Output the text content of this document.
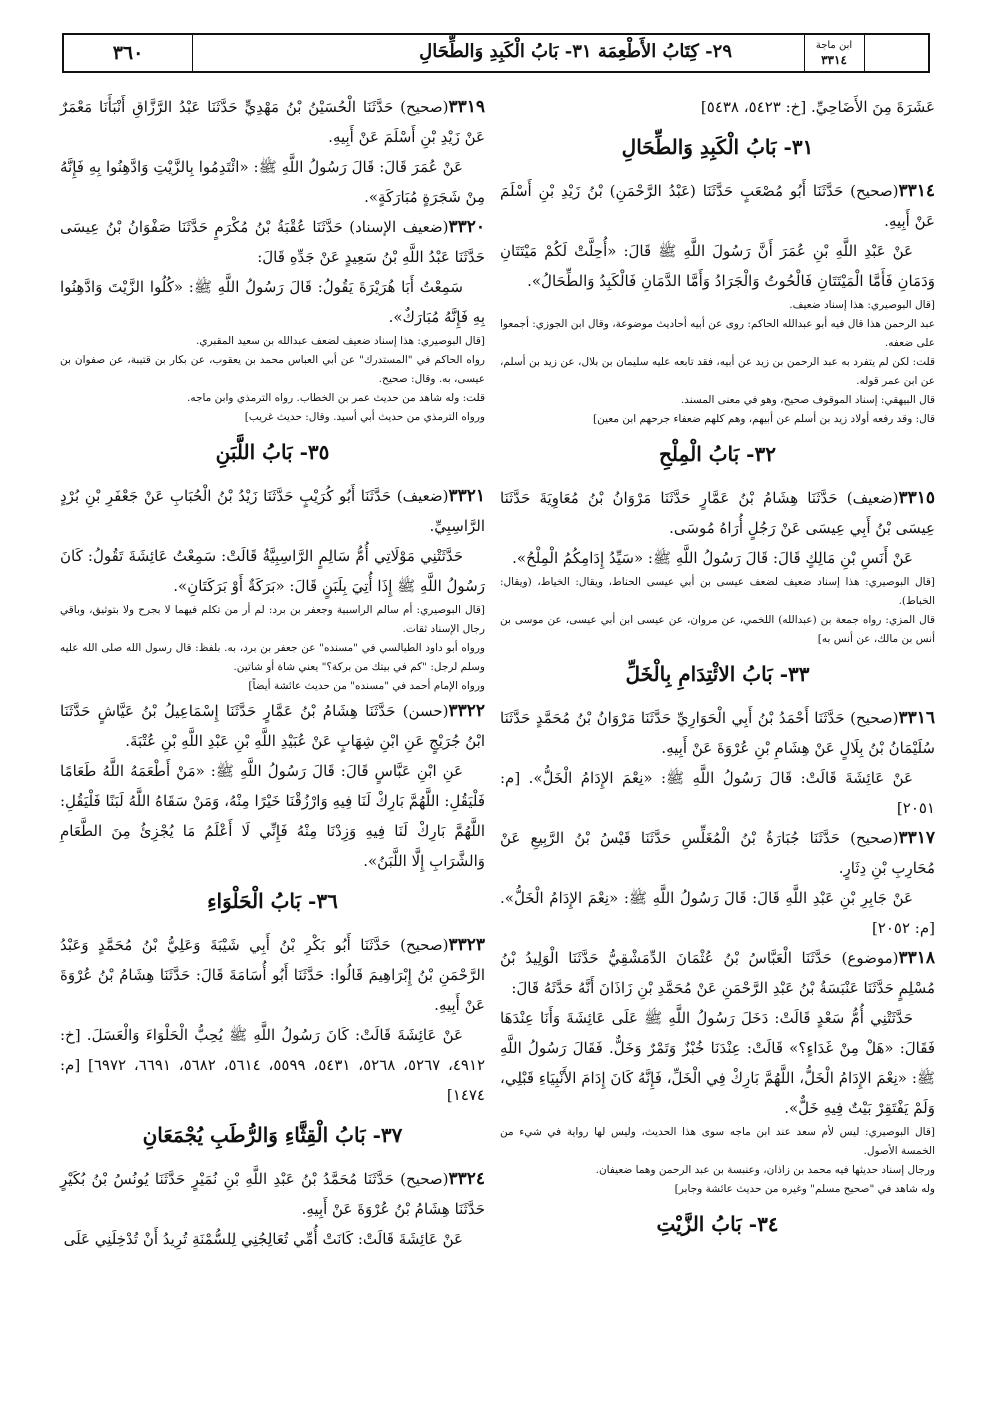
٣٦٠	٢٩- كِتَابُ الأَطْعِمَة ٣١- بَابُ الْكَبِدِ وَالطِّحَالِ	ابن ماجة
٣٣١٤

عَشَرَةَ مِنَ الأَضَاحِيِّ. [خ: ٥٤٢٣، ٥٤٣٨]

٣١- بَابُ الْكَبِدِ وَالطِّحَالِ

٣٣١٤(صحيح) حَدَّثَنَا أَبُو مُصْعَبٍ حَدَّثَنَا (عَبْدُ الرَّحْمَنِ) بْنُ زَيْدِ بْنِ أَسْلَمَ عَنْ أَبِيهِ.

عَنْ عَبْدِ اللَّهِ بْنِ عُمَرَ أَنَّ رَسُولَ اللَّهِ ﷺ قَالَ: «أُحِلَّتْ لَكُمْ مَيْتَتَانِ وَدَمَانِ فَأَمَّا الْمَيْتَتَانِ فَالْحُوتُ وَالْجَرَادُ وَأَمَّا الدَّمَانِ فَالْكَبِدُ وَالطِّحَالُ».

[قال البوصيري: هذا إسناد ضعيف.

عبد الرحمن هذا قال فيه أبو عبدالله الحاكم: روى عن أبيه أحاديث موضوعة، وقال ابن الجوزي: أجمعوا على ضعفه.

قلت: لكن لم يتفرد به عبد الرحمن بن زيد عن أبيه، فقد تابعه عليه سليمان بن بلال، عن زيد بن أسلم، عن ابن عمر قوله.

قال البيهقي: إسناد الموقوف صحيح، وهو في معنى المسند.

قال: وقد رفعه أولاد زيد بن أسلم عن أبيهم، وهم كلهم ضعفاء جرحهم ابن معين]

٣٢- بَابُ الْمِلْحِ

٣٣١٥(ضعيف) حَدَّثَنَا هِشَامُ بْنُ عَمَّارٍ حَدَّثَنَا مَرْوَانُ بْنُ مُعَاوِيَةَ حَدَّثَنَا عِيسَى بْنُ أَبِي عِيسَى عَنْ رَجُلٍ أُرَاهُ مُوسَى.

عَنْ أَنَسِ بْنِ مَالِكٍ قَالَ: قَالَ رَسُولُ اللَّهِ ﷺ: «سَيِّدُ إِدَامِكُمُ الْمِلْحُ».

[قال البوصيري: هذا إسناد ضعيف لضعف عيسى بن أبي عيسى الحناط، ويقال: الخياط، (ويقال: الخباط).

قال المزي: رواه جمعة بن (عبدالله) اللخمي، عن مروان، عن عيسى ابن أبي عيسى، عن موسى بن أنس بن مالك، عن أنس به]

٣٣- بَابُ الائْتِدَامِ بِالْخَلِّ

٣٣١٦(صحيح) حَدَّثَنَا أَحْمَدُ بْنُ أَبِي الْحَوَارِيِّ حَدَّثَنَا مَرْوَانُ بْنُ مُحَمَّدٍ حَدَّثَنَا سُلَيْمَانُ بْنُ بِلَالٍ عَنْ هِشَامِ بْنِ عُرْوَةَ عَنْ أَبِيهِ.

عَنْ عَائِشَةَ قَالَتْ: قَالَ رَسُولُ اللَّهِ ﷺ: «نِعْمَ الإِدَامُ الْخَلُّ». [م: ٢٠٥١]

٣٣١٧(صحيح) حَدَّثَنَا جُبَارَةُ بْنُ الْمُغَلِّسِ حَدَّثَنَا قَيْسُ بْنُ الرَّبِيعِ عَنْ مُحَارِبِ بْنِ دِثَارٍ.

عَنْ جَابِرِ بْنِ عَبْدِ اللَّهِ قَالَ: قَالَ رَسُولُ اللَّهِ ﷺ: «نِعْمَ الإِدَامُ الْخَلُّ». [م: ٢٠٥٢]

٣٣١٨(موضوع) حَدَّثَنَا الْعَبَّاسُ بْنُ عُثْمَانَ الدِّمَشْقِيُّ حَدَّثَنَا الْوَلِيدُ بْنُ مُسْلِمٍ حَدَّثَنَا عَنْبَسَةُ بْنُ عَبْدِ الرَّحْمَنِ عَنْ مُحَمَّدِ بْنِ زَاذَانَ أَنَّهُ حَدَّثَهُ قَالَ:

حَدَّثَتْنِي أُمُّ سَعْدٍ قَالَتْ: دَخَلَ رَسُولُ اللَّهِ ﷺ عَلَى عَائِشَةَ وَأَنَا عِنْدَهَا فَقَالَ: «هَلْ مِنْ غَدَاءٍ؟» قَالَتْ: عِنْدَنَا خُبْزٌ وَتَمْرٌ وَخَلٌّ. فَقَالَ رَسُولُ اللَّهِ ﷺ: «نِعْمَ الإِدَامُ الْخَلُّ، اللَّهُمَّ بَارِكْ فِي الْخَلِّ، فَإِنَّهُ كَانَ إِدَامَ الأَنْبِيَاءِ قَبْلِي، وَلَمْ يَفْتَقِرْ بَيْتٌ فِيهِ خَلٌّ».

[قال البوصيري: ليس لأم سعد عند ابن ماجه سوى هذا الحديث، وليس لها رواية في شيء من الخمسة الأصول.

ورجال إسناد حديثها فيه محمد بن زاذان، وعنبسة بن عبد الرحمن وهما ضعيفان.

وله شاهد في "صحيح مسلم" وغيره من حديث عائشة وجابر]

٣٤- بَابُ الزَّيْتِ

٣٣١٩(صحيح) حَدَّثَنَا الْحُسَيْنُ بْنُ مَهْدِيٍّ حَدَّثَنَا عَبْدُ الرَّزَّاقِ أَنْبَأَنَا مَعْمَرٌ عَنْ زَيْدِ بْنِ أَسْلَمَ عَنْ أَبِيهِ.

عَنْ عُمَرَ قَالَ: قَالَ رَسُولُ اللَّهِ ﷺ: «ائْتَدِمُوا بِالزَّيْتِ وَادَّهِنُوا بِهِ فَإِنَّهُ مِنْ شَجَرَةٍ مُبَارَكَةٍ».

٣٣٢٠(ضعيف الإسناد) حَدَّثَنَا عُقْبَةُ بْنُ مُكْرَمٍ حَدَّثَنَا صَفْوَانُ بْنُ عِيسَى حَدَّثَنَا عَبْدُ اللَّهِ بْنُ سَعِيدٍ عَنْ جَدِّهِ قَالَ:

سَمِعْتُ أَبَا هُرَيْرَةَ يَقُولُ: قَالَ رَسُولُ اللَّهِ ﷺ: «كُلُوا الزَّيْتَ وَادَّهِنُوا بِهِ فَإِنَّهُ مُبَارَكٌ».

[قال البوصيري: هذا إسناد ضعيف لضعف عبدالله بن سعيد المقبري.

رواه الحاكم في "المستدرك" عن أبي العباس محمد بن يعقوب، عن بكار بن قتيبة، عن صفوان بن عيسى، به. وقال: صحيح.

قلت: وله شاهد من حديث عمر بن الخطاب. رواه الترمذي وابن ماجه.

ورواه الترمذي من حديث أبي أسيد. وقال: حديث غريب]

٣٥- بَابُ اللَّبَنِ

٣٣٢١(ضعيف) حَدَّثَنَا أَبُو كُرَيْبٍ حَدَّثَنَا زَيْدُ بْنُ الْحُبَابِ عَنْ جَعْفَرِ بْنِ بُرْدٍ الرَّاسِبِيِّ.

حَدَّثَتْنِي مَوْلَاتِي أُمُّ سَالِمٍ الرَّاسِبِيَّةُ قَالَتْ: سَمِعْتُ عَائِشَةَ تَقُولُ: كَانَ رَسُولُ اللَّهِ ﷺ إِذَا أُتِيَ بِلَبَنٍ قَالَ: «بَرَكَةٌ أَوْ بَرَكَتَانِ».

[قال البوصيري: أم سالم الراسبية وجعفر بن برد: لم أر من تكلم فيهما لا بجرح ولا بتوثيق، وباقي رجال الإسناد ثقات.

ورواه أبو داود الطيالسي في "مسنده" عن جعفر بن برد، به. بلفظ: قال رسول الله صلى الله عليه وسلم لرجل: "كم في بيتك من بركة؟" يعني شاة أو شاتين.

ورواه الإمام أحمد في "مسنده" من حديث عائشة أيضاً]

٣٣٢٢(حسن) حَدَّثَنَا هِشَامُ بْنُ عَمَّارٍ حَدَّثَنَا إِسْمَاعِيلُ بْنُ عَيَّاشٍ حَدَّثَنَا ابْنُ جُرَيْجٍ عَنِ ابْنِ شِهَابٍ عَنْ عُبَيْدِ اللَّهِ بْنِ عَبْدِ اللَّهِ بْنِ عُتْبَةَ.

عَنِ ابْنِ عَبَّاسٍ قَالَ: قَالَ رَسُولُ اللَّهِ ﷺ: «مَنْ أَطْعَمَهُ اللَّهُ طَعَامًا فَلْيَقُلِ: اللَّهُمَّ بَارِكْ لَنَا فِيهِ وَارْزُقْنَا خَيْرًا مِنْهُ، وَمَنْ سَقَاهُ اللَّهُ لَبَنًا فَلْيَقُلِ: اللَّهُمَّ بَارِكْ لَنَا فِيهِ وَزِدْنَا مِنْهُ فَإِنِّي لَا أَعْلَمُ مَا يُجْزِئُ مِنَ الطَّعَامِ وَالشَّرَابِ إِلَّا اللَّبَنُ».

٣٦- بَابُ الْحَلْوَاءِ

٣٣٢٣(صحيح) حَدَّثَنَا أَبُو بَكْرِ بْنُ أَبِي شَيْبَةَ وَعَلِيُّ بْنُ مُحَمَّدٍ وَعَبْدُ الرَّحْمَنِ بْنُ إِبْرَاهِيمَ قَالُوا: حَدَّثَنَا أَبُو أُسَامَةَ قَالَ: حَدَّثَنَا هِشَامُ بْنُ عُرْوَةَ عَنْ أَبِيهِ.

عَنْ عَائِشَةَ قَالَتْ: كَانَ رَسُولُ اللَّهِ ﷺ يُحِبُّ الْحَلْوَاءَ وَالْعَسَلَ. [خ: ٤٩١٢، ٥٢٦٧، ٥٢٦٨، ٥٤٣١، ٥٥٩٩، ٥٦١٤، ٥٦٨٢، ٦٦٩١، ٦٩٧٢] [م: ١٤٧٤]

٣٧- بَابُ الْقِثَّاءِ وَالرُّطَبِ يُجْمَعَانِ

٣٣٢٤(صحيح) حَدَّثَنَا مُحَمَّدُ بْنُ عَبْدِ اللَّهِ بْنِ نُمَيْرٍ حَدَّثَنَا يُونُسُ بْنُ بُكَيْرٍ حَدَّثَنَا هِشَامُ بْنُ عُرْوَةَ عَنْ أَبِيهِ.

عَنْ عَائِشَةَ قَالَتْ: كَانَتْ أُمِّي تُعَالِجُنِي لِلسُّمْنَةِ تُرِيدُ أَنْ تُدْخِلَنِي عَلَى
